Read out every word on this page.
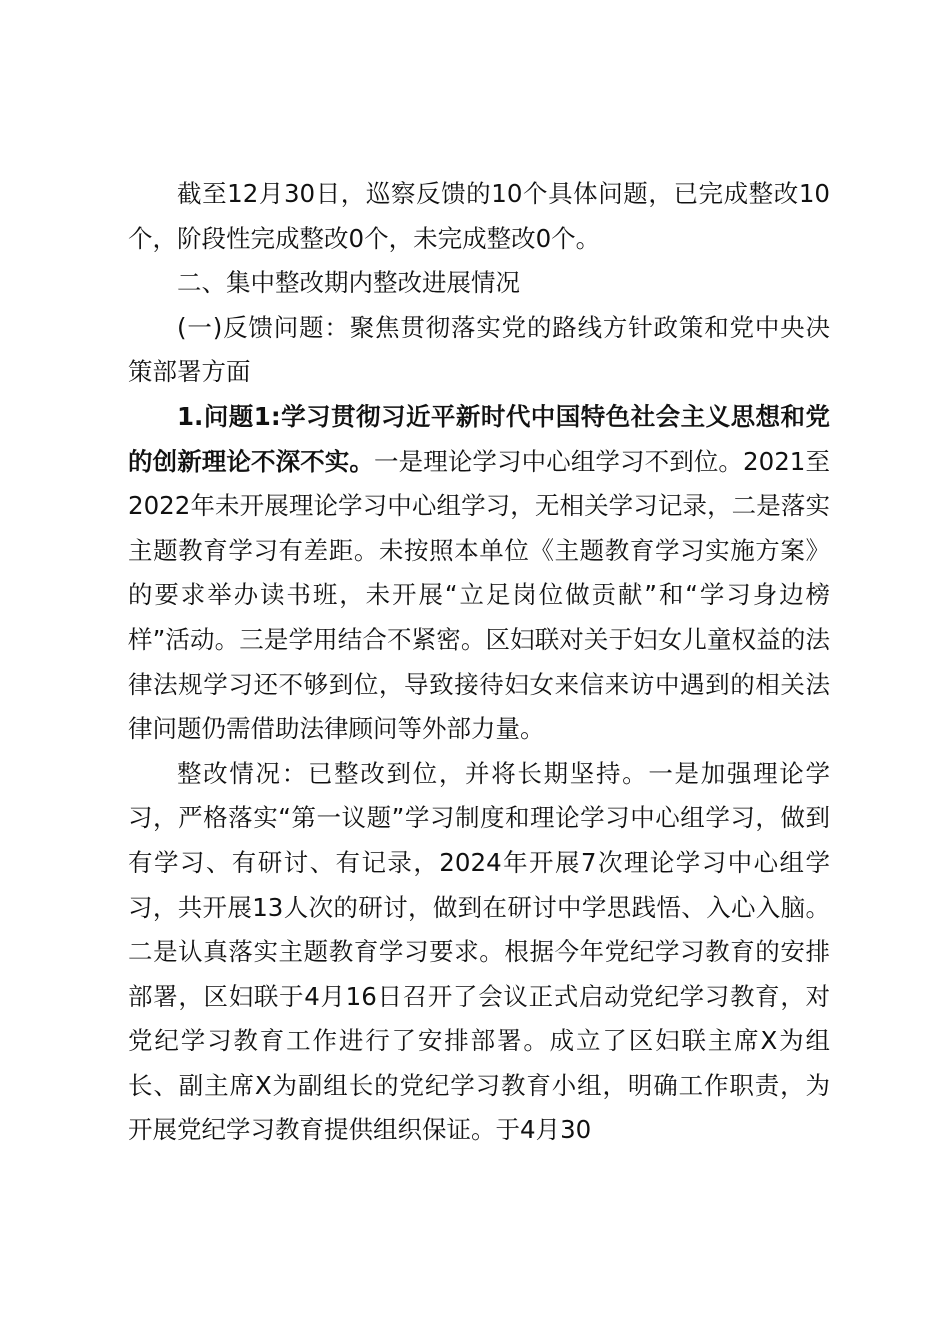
截至12月30日，巡察反馈的10个具体问题，已完成整改10个，阶段性完成整改0个，未完成整改0个。

二、集中整改期内整改进展情况

(一)反馈问题：聚焦贯彻落实党的路线方针政策和党中央决策部署方面

1.问题1:学习贯彻习近平新时代中国特色社会主义思想和党的创新理论不深不实。一是理论学习中心组学习不到位。2021至2022年未开展理论学习中心组学习，无相关学习记录，二是落实主题教育学习有差距。未按照本单位《主题教育学习实施方案》的要求举办读书班，未开展“立足岗位做贡献”和“学习身边榜样”活动。三是学用结合不紧密。区妇联对关于妇女儿童权益的法律法规学习还不够到位，导致接待妇女来信来访中遇到的相关法律问题仍需借助法律顾问等外部力量。

整改情况：已整改到位，并将长期坚持。一是加强理论学习，严格落实“第一议题”学习制度和理论学习中心组学习，做到有学习、有研讨、有记录，2024年开展7次理论学习中心组学习，共开展13人次的研讨，做到在研讨中学思践悟、入心入脑。二是认真落实主题教育学习要求。根据今年党纪学习教育的安排部署，区妇联于4月16日召开了会议正式启动党纪学习教育，对党纪学习教育工作进行了安排部署。成立了区妇联主席X为组长、副主席X为副组长的党纪学习教育小组，明确工作职责，为开展党纪学习教育提供组织保证。于4月30
